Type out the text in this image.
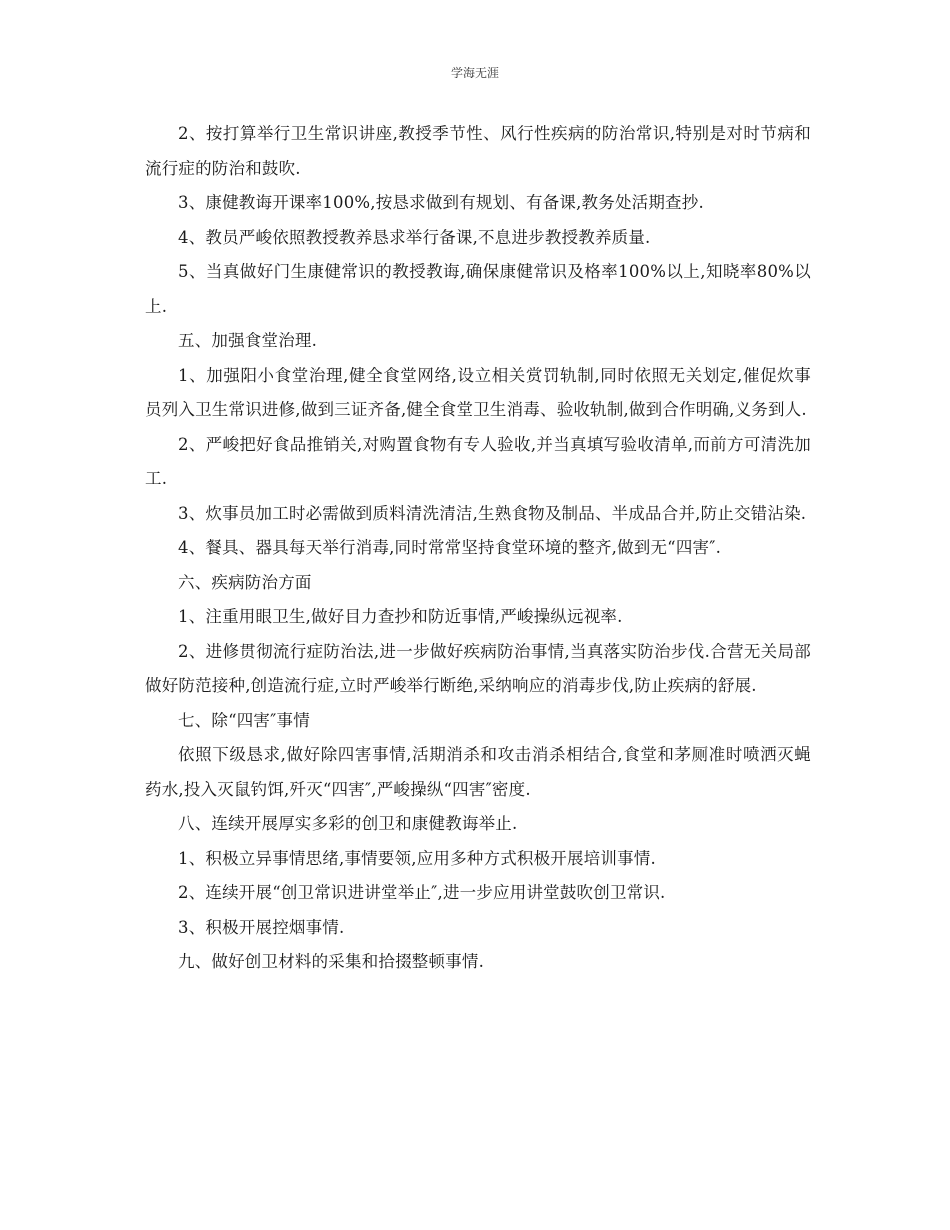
学海无涯

2、按打算举行卫生常识讲座,教授季节性、风行性疾病的防治常识,特别是对时节病和流行症的防治和鼓吹.

3、康健教诲开课率100%,按恳求做到有规划、有备课,教务处活期查抄.

4、教员严峻依照教授教养恳求举行备课,不息进步教授教养质量.

5、当真做好门生康健常识的教授教诲,确保康健常识及格率100%以上,知晓率80%以上.

五、加强食堂治理.

1、加强阳小食堂治理,健全食堂网络,设立相关赏罚轨制,同时依照无关划定,催促炊事员列入卫生常识进修,做到三证齐备,健全食堂卫生消毒、验收轨制,做到合作明确,义务到人.

2、严峻把好食品推销关,对购置食物有专人验收,并当真填写验收清单,而前方可清洗加工.

3、炊事员加工时必需做到质料清洗清洁,生熟食物及制品、半成品合并,防止交错沾染.

4、餐具、器具每天举行消毒,同时常常坚持食堂环境的整齐,做到无“四害″.

六、疾病防治方面

1、注重用眼卫生,做好目力查抄和防近事情,严峻操纵远视率.

2、进修贯彻流行症防治法,进一步做好疾病防治事情,当真落实防治步伐.合营无关局部做好防范接种,创造流行症,立时严峻举行断绝,采纳响应的消毒步伐,防止疾病的舒展.

七、除“四害″事情

依照下级恳求,做好除四害事情,活期消杀和攻击消杀相结合,食堂和茅厕准时喷洒灭蝇药水,投入灭鼠钓饵,歼灭“四害″,严峻操纵“四害″密度.

八、连续开展厚实多彩的创卫和康健教诲举止.

1、积极立异事情思绪,事情要领,应用多种方式积极开展培训事情.

2、连续开展“创卫常识进讲堂举止″,进一步应用讲堂鼓吹创卫常识.

3、积极开展控烟事情.

九、做好创卫材料的采集和拾掇整顿事情.
